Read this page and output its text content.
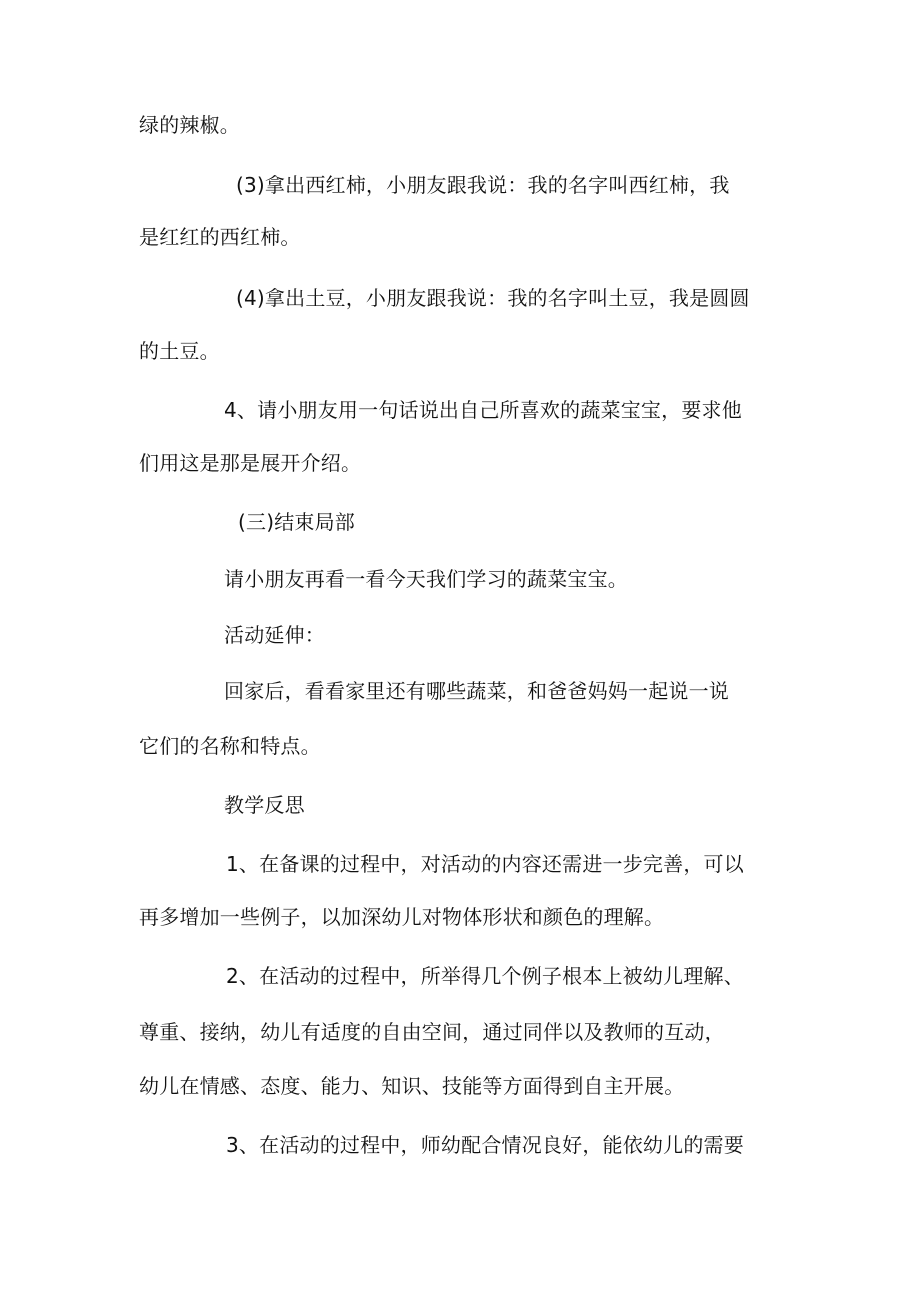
绿的辣椒。
(3)拿出西红柿，小朋友跟我说：我的名字叫西红柿，我
是红红的西红柿。
(4)拿出土豆，小朋友跟我说：我的名字叫土豆，我是圆圆
的土豆。
4、请小朋友用一句话说出自己所喜欢的蔬菜宝宝，要求他
们用这是那是展开介绍。
(三)结束局部
请小朋友再看一看今天我们学习的蔬菜宝宝。
活动延伸：
回家后，看看家里还有哪些蔬菜，和爸爸妈妈一起说一说
它们的名称和特点。
教学反思
1、在备课的过程中，对活动的内容还需进一步完善，可以
再多增加一些例子，以加深幼儿对物体形状和颜色的理解。
2、在活动的过程中，所举得几个例子根本上被幼儿理解、
尊重、接纳，幼儿有适度的自由空间，通过同伴以及教师的互动，
幼儿在情感、态度、能力、知识、技能等方面得到自主开展。
3、在活动的过程中，师幼配合情况良好，能依幼儿的需要
